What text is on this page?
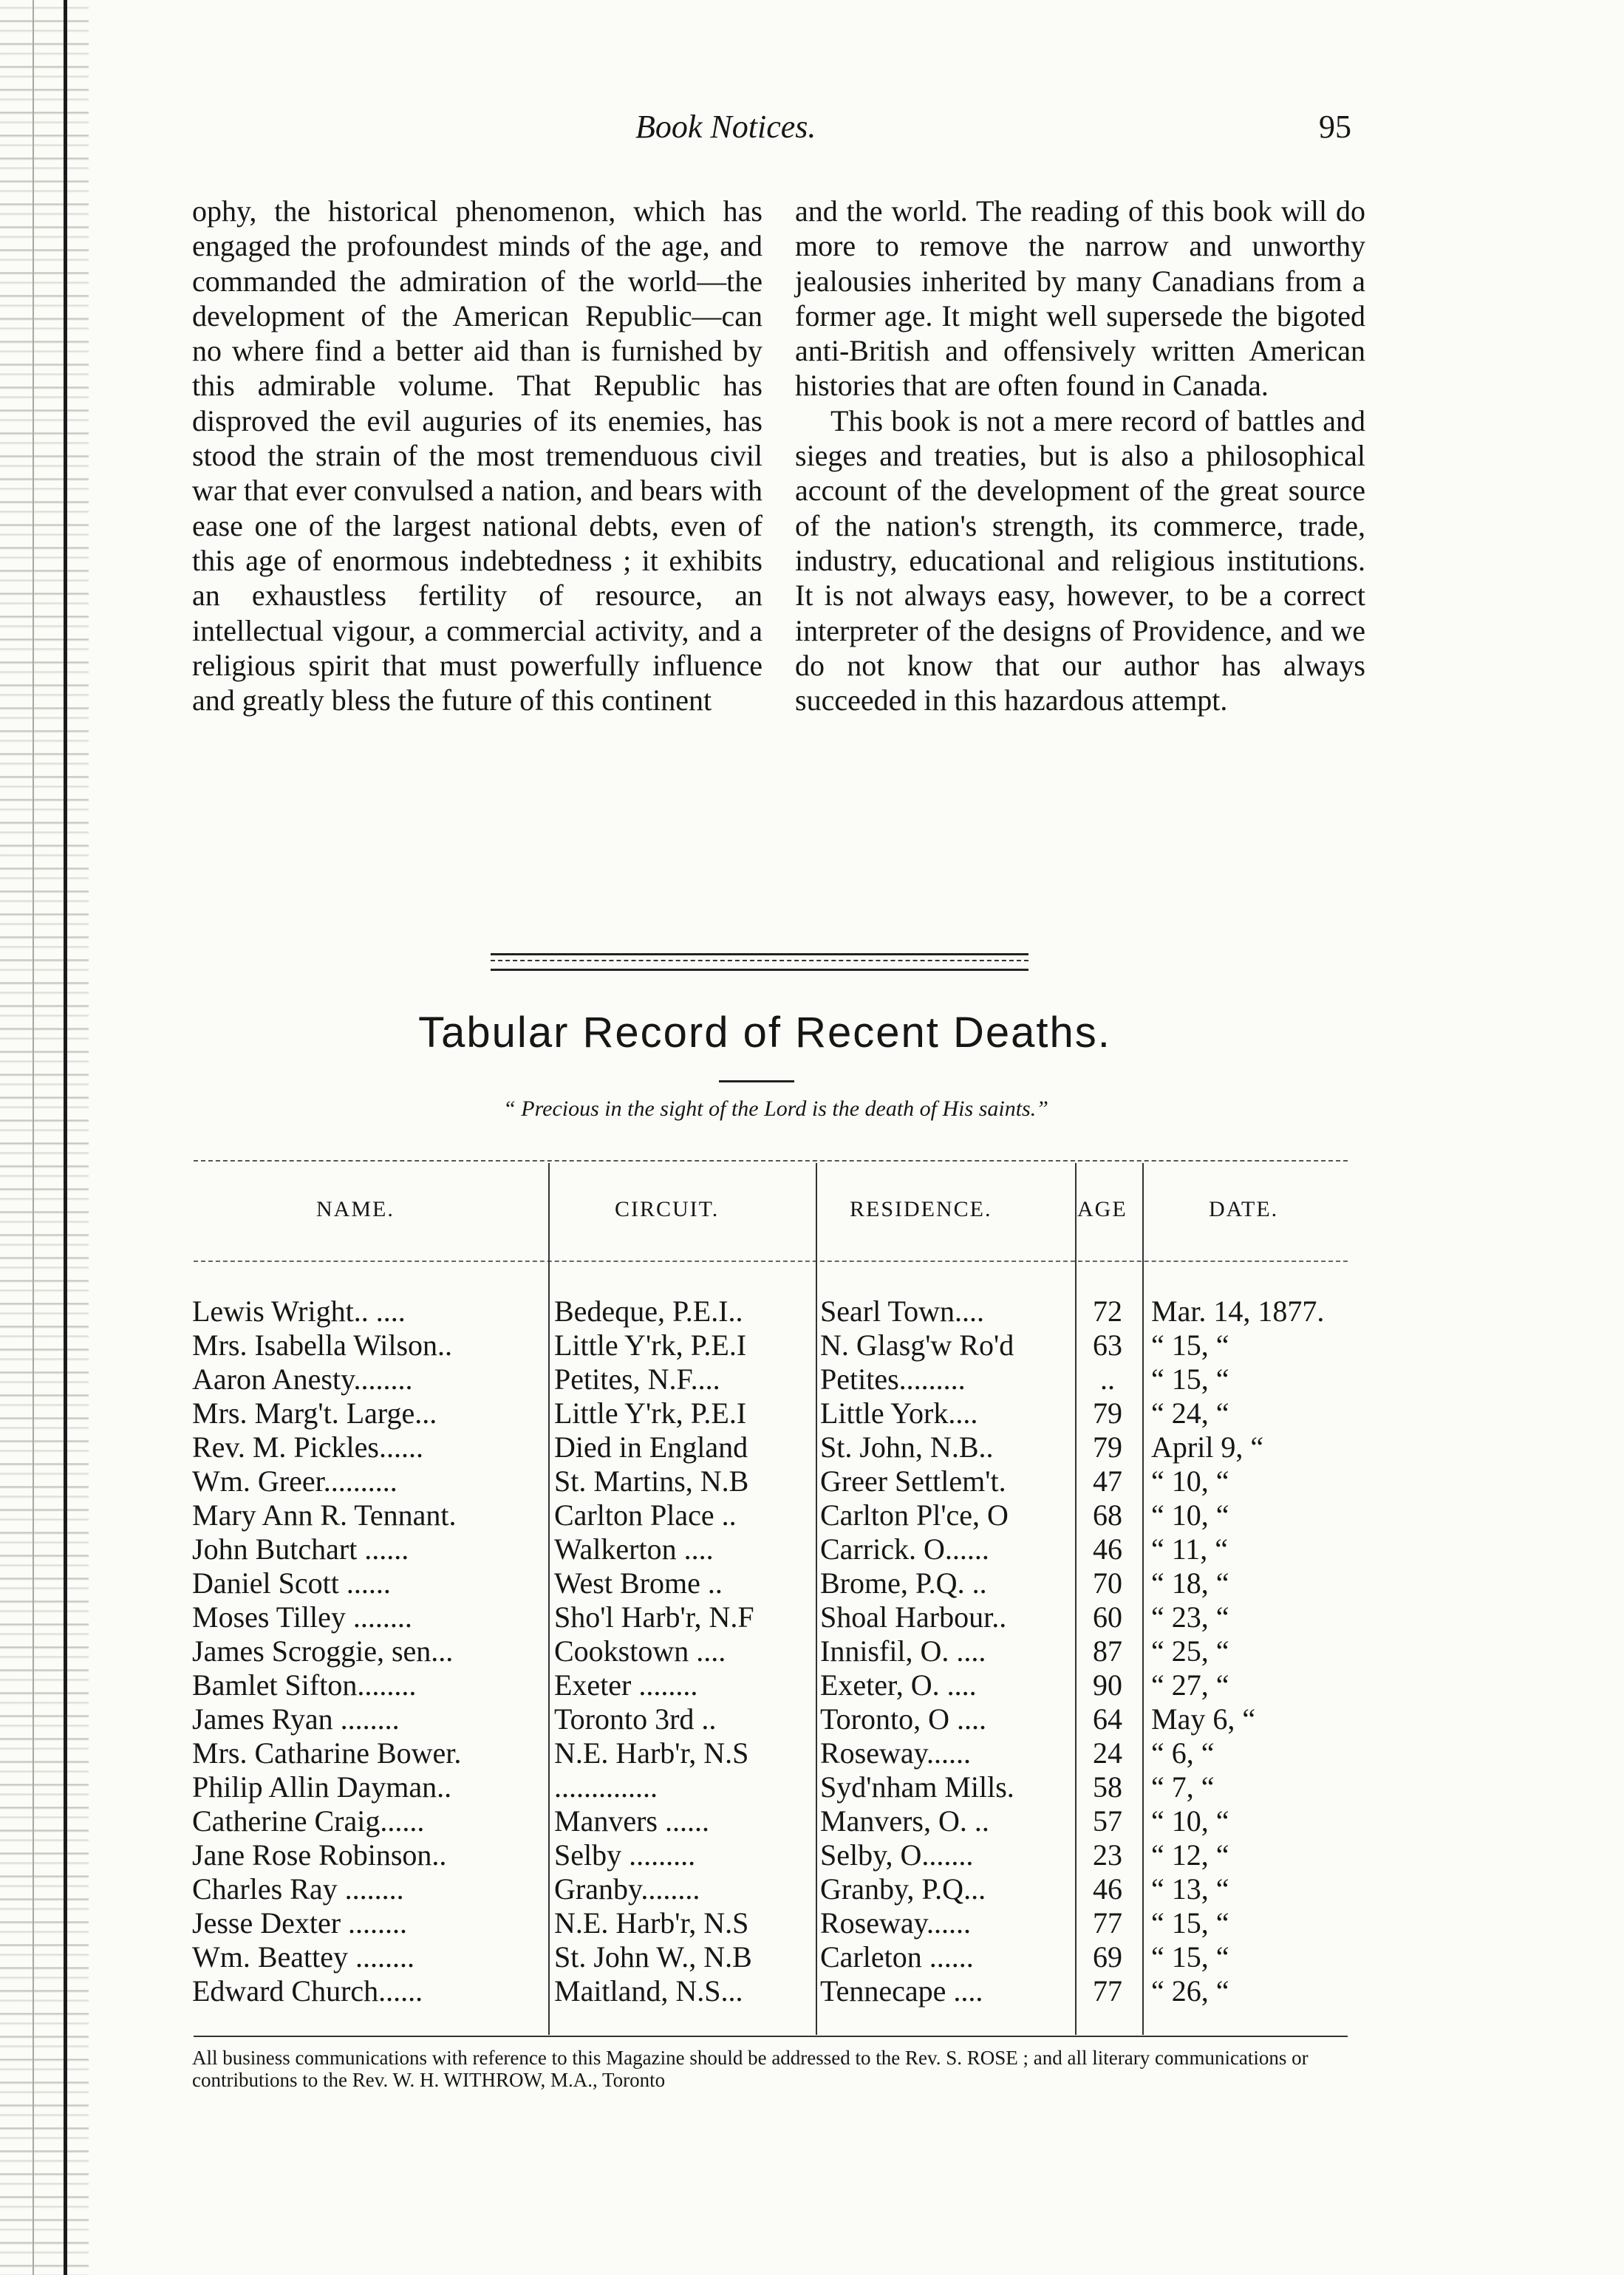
Book Notices.	95

ophy, the historical phenomenon, which has engaged the profoundest minds of the age, and commanded the admiration of the world—the development of the American Republic—can no where find a better aid than is furnished by this admirable volume. That Republic has disproved the evil auguries of its enemies, has stood the strain of the most tremenduous civil war that ever convulsed a nation, and bears with ease one of the largest national debts, even of this age of enormous indebtedness ; it exhibits an exhaustless fertility of resource, an intellectual vigour, a commercial activity, and a religious spirit that must powerfully influence and greatly bless the future of this continent

and the world. The reading of this book will do more to remove the narrow and unworthy jealousies inherited by many Canadians from a former age. It might well supersede the bigoted anti-British and offensively written American histories that are often found in Canada.

This book is not a mere record of battles and sieges and treaties, but is also a philosophical account of the development of the great source of the nation's strength, its commerce, trade, industry, educational and religious institutions. It is not always easy, however, to be a correct interpreter of the designs of Providence, and we do not know that our author has always succeeded in this hazardous attempt.

Tabular Record of Recent Deaths.
“ Precious in the sight of the Lord is the death of His saints.”
NAME.	CIRCUIT.	RESIDENCE.	AGE	DATE.
Lewis Wright.. ....	Bedeque, P.E.I..	Searl Town....	72 Mar. 14, 1877.
Mrs. Isabella Wilson..	Little Y'rk, P.E.I	N. Glasg'w Ro'd	63 “ 15, “
Aaron Anesty........	Petites, N.F....	Petites.........	..	“ 15, “
Mrs. Marg't. Large...	Little Y'rk, P.E.I	Little York....	79 “ 24, “
Rev. M. Pickles......	Died in England	St. John, N.B..	79 April 9, “
Wm. Greer..........	St. Martins, N.B	Greer Settlem't.	47 “ 10, “
Mary Ann R. Tennant.	Carlton Place ..	Carlton Pl'ce, O	68 “ 10, “
John Butchart ......	Walkerton ....	Carrick. O......	46 “ 11, “
Daniel Scott ......	West Brome ..	Brome, P.Q. ..	70 “ 18, “
Moses Tilley ........	Sho'l Harb'r, N.F	Shoal Harbour..	60 “ 23, “
James Scroggie, sen...	Cookstown ....	Innisfil, O. ....	87 “ 25, “
Bamlet Sifton........	Exeter ........	Exeter, O. ....	90 “ 27, “
James Ryan ........	Toronto 3rd ..	Toronto, O ....	64 May 6, “
Mrs. Catharine Bower.	N.E. Harb'r, N.S	Roseway......	24 “ 6, “
Philip Allin Dayman..	..............	Syd'nham Mills.	58 “ 7, “
Catherine Craig......	Manvers ......	Manvers, O. ..	57 “ 10, “
Jane Rose Robinson..	Selby .........	Selby, O.......	23 “ 12, “
Charles Ray ........	Granby........	Granby, P.Q...	46 “ 13, “
Jesse Dexter ........	N.E. Harb'r, N.S	Roseway......	77 “ 15, “
Wm. Beattey ........	St. John W., N.B	Carleton ......	69 “ 15, “
Edward Church......	Maitland, N.S...	Tennecape ....	77 “ 26, “
All business communications with reference to this Magazine should be addressed to the Rev. S. ROSE ; and all literary communications or contributions to the Rev. W. H. WITHROW, M.A., Toronto
